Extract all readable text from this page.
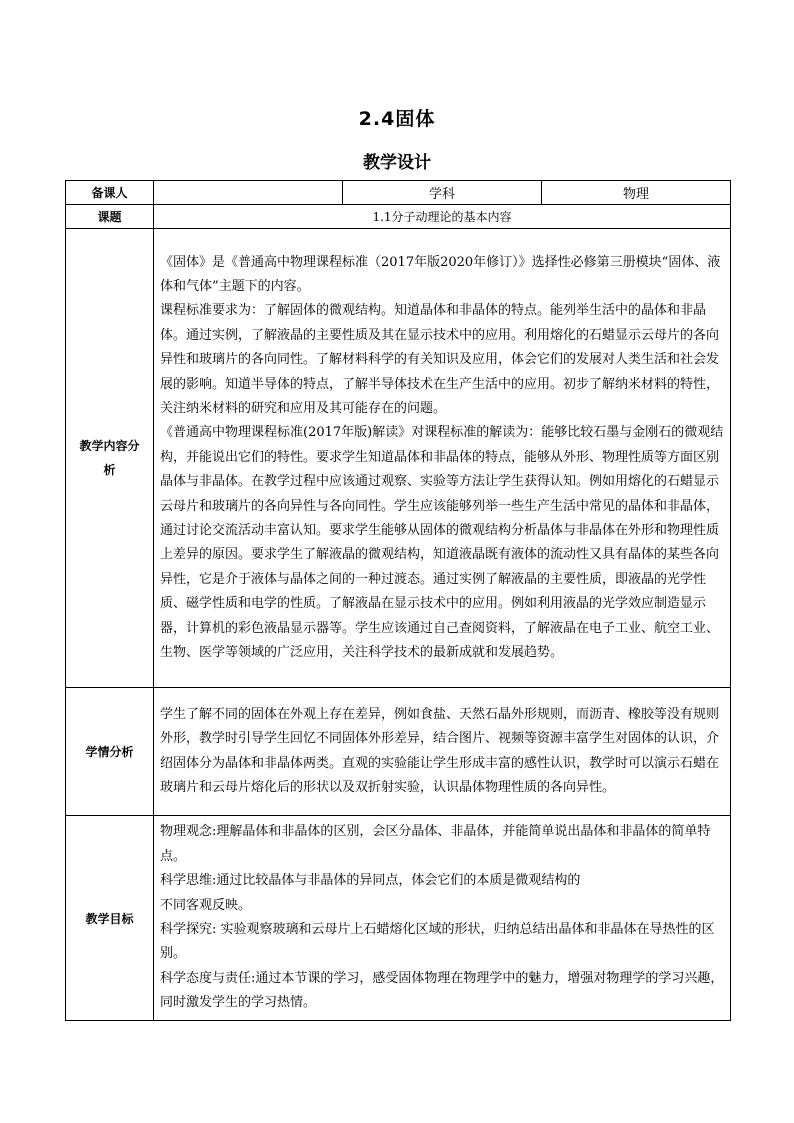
2.4固体
教学设计
备课人		学科	物理
课题	1.1分子动理论的基本内容		
教学内容分析	《固体》是《普通高中物理课程标准（2017年版2020年修订）》选择性必修第三册模块“固体、液体和气体”主题下的内容。

课程标准要求为：了解固体的微观结构。知道晶体和非晶体的特点。能列举生活中的晶体和非晶体。通过实例，了解液晶的主要性质及其在显示技术中的应用。利用熔化的石蜡显示云母片的各向异性和玻璃片的各向同性。了解材料科学的有关知识及应用，体会它们的发展对人类生活和社会发展的影响。知道半导体的特点，了解半导体技术在生产生活中的应用。初步了解纳米材料的特性，关注纳米材料的研究和应用及其可能存在的问题。

《普通高中物理课程标准(2017年版)解读》对课程标准的解读为：能够比较石墨与金刚石的微观结构，并能说出它们的特性。要求学生知道晶体和非晶体的特点，能够从外形、物理性质等方面区别晶体与非晶体。在教学过程中应该通过观察、实验等方法让学生获得认知。例如用熔化的石蜡显示云母片和玻璃片的各向异性与各向同性。学生应该能够列举一些生产生活中常见的晶体和非晶体，通过讨论交流活动丰富认知。要求学生能够从固体的微观结构分析晶体与非晶体在外形和物理性质上差异的原因。要求学生了解液晶的微观结构，知道液晶既有液体的流动性又具有晶体的某些各向异性，它是介于液体与晶体之间的一种过渡态。通过实例了解液晶的主要性质，即液晶的光学性质、磁学性质和电学的性质。了解液晶在显示技术中的应用。例如利用液晶的光学效应制造显示器，计算机的彩色液晶显示器等。学生应该通过自己查阅资料，了解液晶在电子工业、航空工业、生物、医学等领域的广泛应用，关注科学技术的最新成就和发展趋势。		

学情分析	学生了解不同的固体在外观上存在差异，例如食盐、天然石晶外形规则，而沥青、橡胶等没有规则外形，教学时引导学生回忆不同固体外形差异，结合图片、视频等资源丰富学生对固体的认识，介绍固体分为晶体和非晶体两类。直观的实验能让学生形成丰富的感性认识，教学时可以演示石蜡在玻璃片和云母片熔化后的形状以及双折射实验，认识晶体物理性质的各向异性。		

教学目标	物理观念:理解晶体和非晶体的区别，会区分晶体、非晶体，并能简单说出晶体和非晶体的简单特点。

科学思维:通过比较晶体与非晶体的异同点，体会它们的本质是微观结构的

不同客观反映。

科学探究: 实验观察玻璃和云母片上石蜡熔化区域的形状，归纳总结出晶体和非晶体在导热性的区别。

科学态度与责任:通过本节课的学习，感受固体物理在物理学中的魅力，增强对物理学的学习兴趣，同时激发学生的学习热情。		
